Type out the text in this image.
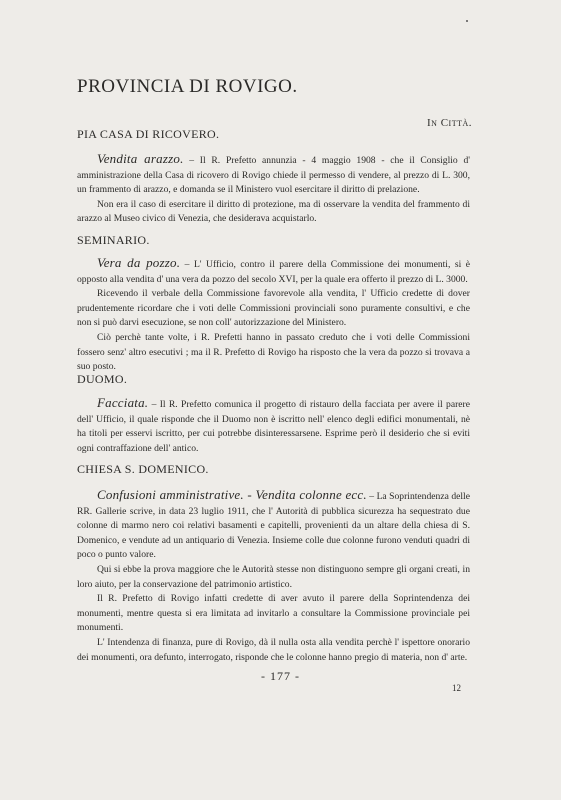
PROVINCIA DI ROVIGO.
In Città.
PIA CASA DI RICOVERO.

Vendita arazzo. – Il R. Prefetto annunzia - 4 maggio 1908 - che il Consiglio d' amministrazione della Casa di ricovero di Rovigo chiede il permesso di vendere, al prezzo di L. 300, un frammento di arazzo, e domanda se il Ministero vuol esercitare il diritto di prelazione.

Non era il caso di esercitare il diritto di protezione, ma di osservare la vendita del frammento di arazzo al Museo civico di Venezia, che desiderava acquistarlo.

SEMINARIO.

Vera da pozzo. – L' Ufficio, contro il parere della Commissione dei monumenti, si è opposto alla vendita d' una vera da pozzo del secolo XVI, per la quale era offerto il prezzo di L. 3000.

Ricevendo il verbale della Commissione favorevole alla vendita, l' Ufficio credette di dover prudentemente ricordare che i voti delle Commissioni provinciali sono puramente consultivi, e che non si può darvi esecuzione, se non coll' autorizzazione del Ministero.

Ciò perchè tante volte, i R. Prefetti hanno in passato creduto che i voti delle Commissioni fossero senz' altro esecutivi ; ma il R. Prefetto di Rovigo ha risposto che la vera da pozzo si trovava a suo posto.

DUOMO.

Facciata. – Il R. Prefetto comunica il progetto di ristauro della facciata per avere il parere dell' Ufficio, il quale risponde che il Duomo non è iscritto nell' elenco degli edifici monumentali, nè ha titoli per esservi iscritto, per cui potrebbe disinteressarsene. Esprime però il desiderio che si eviti ogni contraffazione dell' antico.

CHIESA S. DOMENICO.

Confusioni amministrative. - Vendita colonne ecc. – La Soprintendenza delle RR. Gallerie scrive, in data 23 luglio 1911, che l' Autorità di pubblica sicurezza ha sequestrato due colonne di marmo nero coi relativi basamenti e capitelli, provenienti da un altare della chiesa di S. Domenico, e vendute ad un antiquario di Venezia. Insieme colle due colonne furono venduti quadri di poco o punto valore.

Qui si ebbe la prova maggiore che le Autorità stesse non distinguono sempre gli organi creati, in loro aiuto, per la conservazione del patrimonio artistico.

Il R. Prefetto di Rovigo infatti credette di aver avuto il parere della Soprintendenza dei monumenti, mentre questa si era limitata ad invitarlo a consultare la Commissione provinciale pei monumenti.

L' Intendenza di finanza, pure di Rovigo, dà il nulla osta alla vendita perchè l' ispettore onorario dei monumenti, ora defunto, interrogato, risponde che le colonne hanno pregio di materia, non d' arte.

- 177 -
12
